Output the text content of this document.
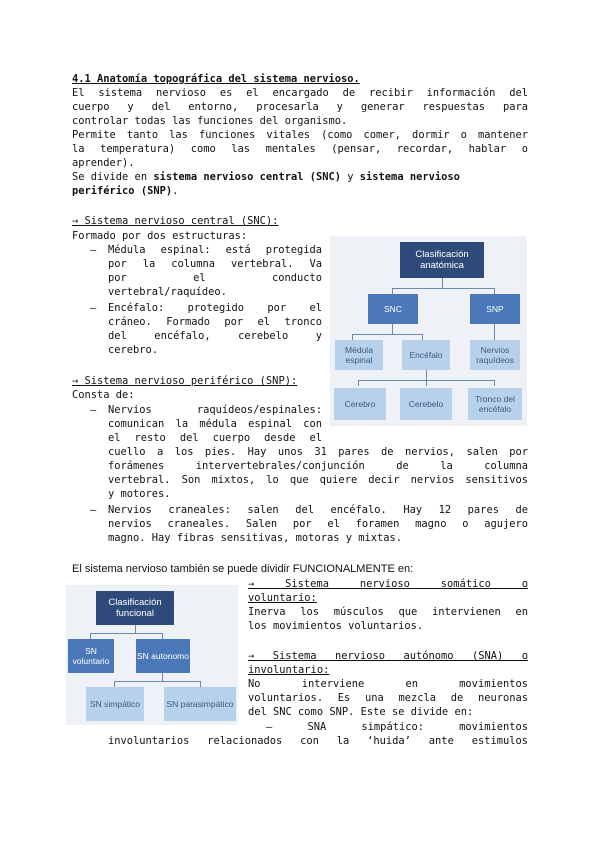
4.1 Anatomía topográfica del sistema nervioso.
El sistema nervioso es el encargado de recibir información del
cuerpo y del entorno, procesarla y generar respuestas para
controlar todas las funciones del organismo.
Permite tanto las funciones vitales (como comer, dormir o mantener
la temperatura) como las mentales (pensar, recordar, hablar o
aprender).
Se divide en sistema nervioso central (SNC) y sistema nervioso
periférico (SNP).
→ Sistema nervioso central (SNC):
Formado por dos estructuras:
–	Médula espinal: está protegida
por la columna vertebral. Va
por el conducto
vertebral/raquídeo.
–	Encéfalo: protegido por el
cráneo. Formado por el tronco
del encéfalo, cerebelo y
cerebro.
→ Sistema nervioso periférico (SNP):
Consta de:
–	Nervios raquídeos/espinales:
comunican la médula espinal con
el resto del cuerpo desde el
cuello a los pies. Hay unos 31 pares de nervios, salen por
forámenes intervertebrales/conjunción de la columna
vertebral. Son mixtos, lo que quiere decir nervios sensitivos
y motores.
–	Nervios craneales: salen del encéfalo. Hay 12 pares de
nervios craneales. Salen por el foramen magno o agujero
magno. Hay fibras sensitivas, motoras y mixtas.
El sistema nervioso también se puede dividir FUNCIONALMENTE en:
→ Sistema nervioso somático o
voluntario:
Inerva los músculos que intervienen en
los movimientos voluntarios.
→ Sistema nervioso autónomo (SNA) o
involuntario:
No interviene en movimientos
voluntarios. Es una mezcla de neuronas
del SNC como SNP. Este se divide en:
– SNA simpático: movimientos
involuntarios relacionados con la ‘huida’ ante estimulos
Clasificación anatómica
SNC	SNP
Médula espinal	Encéfalo	Nervios raquídeos
Cerebro	Cerebelo	Tronco del encéfalo
Clasificación funcional
SN voluntario	SN autonomo
SN simpático	SN parasimpático
